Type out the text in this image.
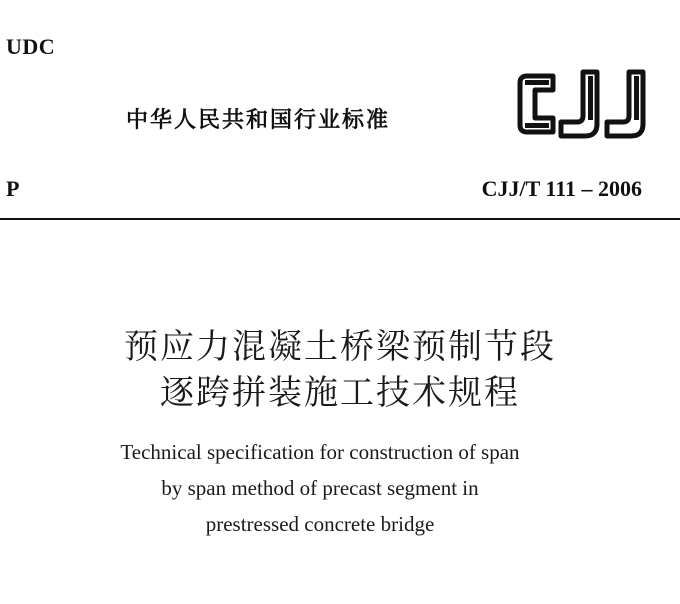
UDC
中华人民共和国行业标准
P	CJJ/T 111 – 2006
预应力混凝土桥梁预制节段
逐跨拼装施工技术规程
Technical specification for construction of span
by span method of precast segment in
prestressed concrete bridge
